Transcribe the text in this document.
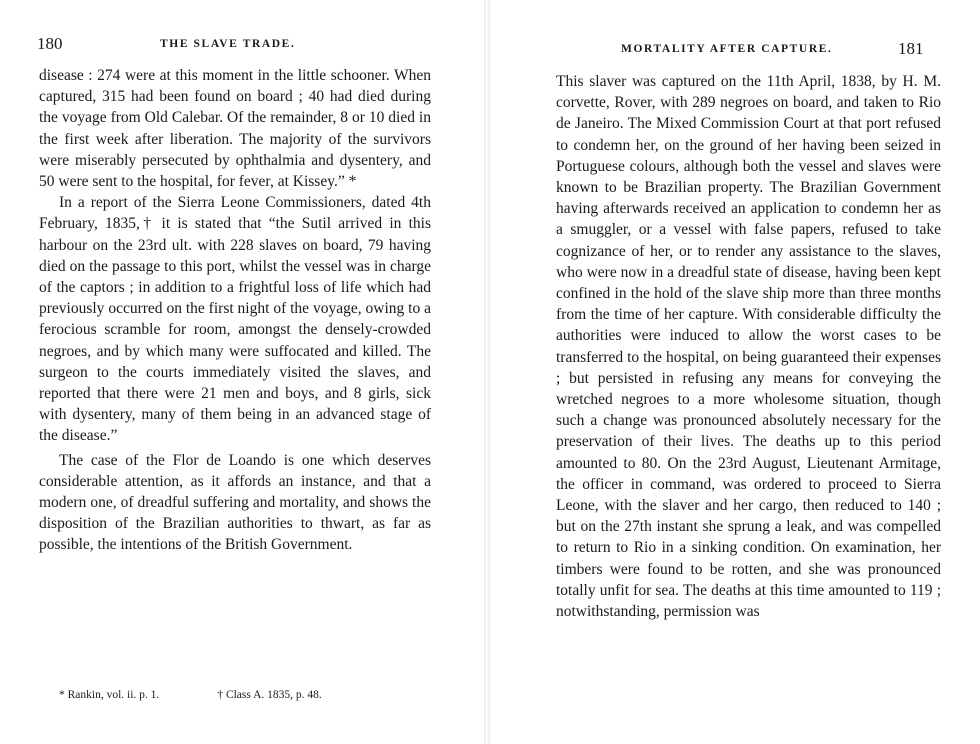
180	THE SLAVE TRADE.

disease : 274 were at this moment in the little schooner. When captured, 315 had been found on board ; 40 had died during the voyage from Old Calebar. Of the remainder, 8 or 10 died in the first week after liberation. The majority of the survivors were miserably persecuted by ophthalmia and dysentery, and 50 were sent to the hospital, for fever, at Kissey.” *

In a report of the Sierra Leone Commissioners, dated 4th February, 1835,† it is stated that “the Sutil arrived in this harbour on the 23rd ult. with 228 slaves on board, 79 having died on the passage to this port, whilst the vessel was in charge of the captors ; in addition to a frightful loss of life which had previously occurred on the first night of the voyage, owing to a ferocious scramble for room, amongst the densely-crowded negroes, and by which many were suffocated and killed. The surgeon to the courts immediately visited the slaves, and reported that there were 21 men and boys, and 8 girls, sick with dysentery, many of them being in an advanced stage of the disease.”

The case of the Flor de Loando is one which deserves considerable attention, as it affords an instance, and that a modern one, of dreadful suffering and mortality, and shows the disposition of the Brazilian authorities to thwart, as far as possible, the intentions of the British Government.

* Rankin, vol. ii. p. 1.	† Class A. 1835, p. 48.
MORTALITY AFTER CAPTURE.	181

This slaver was captured on the 11th April, 1838, by H. M. corvette, Rover, with 289 negroes on board, and taken to Rio de Janeiro. The Mixed Commission Court at that port refused to condemn her, on the ground of her having been seized in Portuguese colours, although both the vessel and slaves were known to be Brazilian property. The Brazilian Government having afterwards received an application to condemn her as a smuggler, or a vessel with false papers, refused to take cognizance of her, or to render any assistance to the slaves, who were now in a dreadful state of disease, having been kept confined in the hold of the slave ship more than three months from the time of her capture. With considerable difficulty the authorities were induced to allow the worst cases to be transferred to the hospital, on being guaranteed their expenses ; but persisted in refusing any means for conveying the wretched negroes to a more wholesome situation, though such a change was pronounced absolutely necessary for the preservation of their lives. The deaths up to this period amounted to 80. On the 23rd August, Lieutenant Armitage, the officer in command, was ordered to proceed to Sierra Leone, with the slaver and her cargo, then reduced to 140 ; but on the 27th instant she sprung a leak, and was compelled to return to Rio in a sinking condition. On examination, her timbers were found to be rotten, and she was pronounced totally unfit for sea. The deaths at this time amounted to 119 ; notwithstanding, permission was
